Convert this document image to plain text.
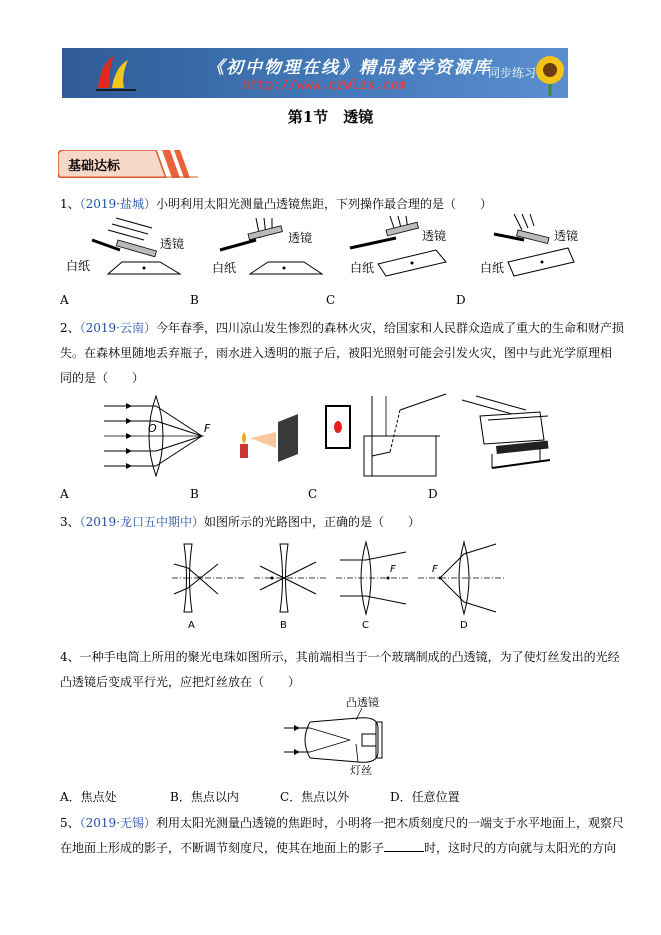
《初中物理在线》精品教学资源库
http://www.czwlzx.com
同步练习
第1节　透镜
基础达标
1、（2019·盐城）小明利用太阳光测量凸透镜焦距，下列操作最合理的是（　　）
透镜
白纸
透镜
白纸
透镜
白纸
透镜
白纸
A	B	C	D
2、（2019·云南）今年春季，四川凉山发生惨烈的森林火灾，给国家和人民群众造成了重大的生命和财产损
失。在森林里随地丢弃瓶子，雨水进入透明的瓶子后，被阳光照射可能会引发火灾，图中与此光学原理相
同的是（　　）
O	F
A	B	C	D
3、（2019·龙口五中期中）如图所示的光路图中，正确的是（　　）
A	B
F
C
F
D
4、一种手电筒上所用的聚光电珠如图所示，其前端相当于一个玻璃制成的凸透镜，为了使灯丝发出的光经
凸透镜后变成平行光，应把灯丝放在（　　）
凸透镜
灯丝
A．焦点处	B．焦点以内	C．焦点以外	D．任意位置
5、（2019·无锡）利用太阳光测量凸透镜的焦距时，小明将一把木质刻度尺的一端支于水平地面上，观察尺
在地面上形成的影子，不断调节刻度尺，使其在地面上的影子	时，这时尺的方向就与太阳光的方向
